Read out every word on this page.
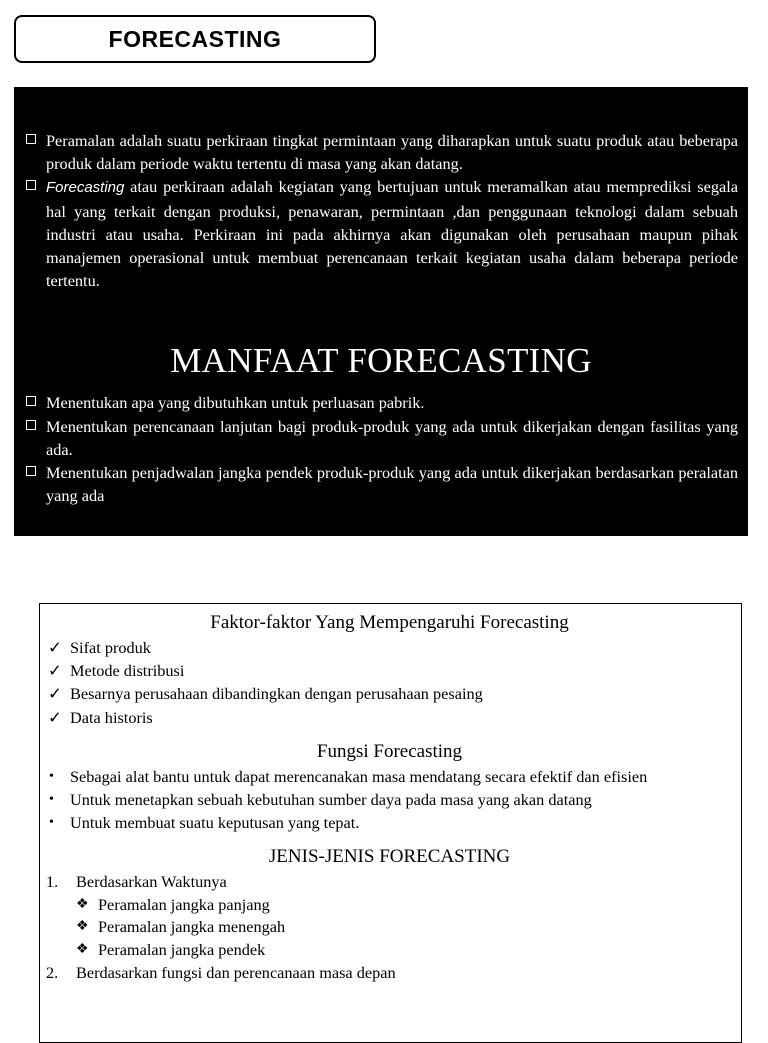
FORECASTING
Peramalan adalah suatu perkiraan tingkat permintaan yang diharapkan untuk suatu produk atau beberapa produk dalam periode waktu tertentu di masa yang akan datang.
Forecasting atau perkiraan adalah kegiatan yang bertujuan untuk meramalkan atau memprediksi segala hal yang terkait dengan produksi, penawaran, permintaan ,dan penggunaan teknologi dalam sebuah industri atau usaha. Perkiraan ini pada akhirnya akan digunakan oleh perusahaan maupun pihak manajemen operasional untuk membuat perencanaan terkait kegiatan usaha dalam beberapa periode tertentu.
MANFAAT FORECASTING
Menentukan apa yang dibutuhkan untuk perluasan pabrik.
Menentukan perencanaan lanjutan bagi produk-produk yang ada untuk dikerjakan dengan fasilitas yang ada.
Menentukan penjadwalan jangka pendek produk-produk yang ada untuk dikerjakan berdasarkan peralatan yang ada

Faktor-faktor Yang Mempengaruhi Forecasting

✓ Sifat produk
✓ Metode distribusi
✓ Besarnya perusahaan dibandingkan dengan perusahaan pesaing
✓ Data historis

Fungsi Forecasting

• Sebagai alat bantu untuk dapat merencanakan masa mendatang secara efektif dan efisien
• Untuk menetapkan sebuah kebutuhan sumber daya pada masa yang akan datang
• Untuk membuat suatu keputusan yang tepat.

JENIS-JENIS FORECASTING

1. Berdasarkan Waktunya
❖ Peramalan jangka panjang
❖ Peramalan jangka menengah
❖ Peramalan jangka pendek
2. Berdasarkan fungsi dan perencanaan masa depan
